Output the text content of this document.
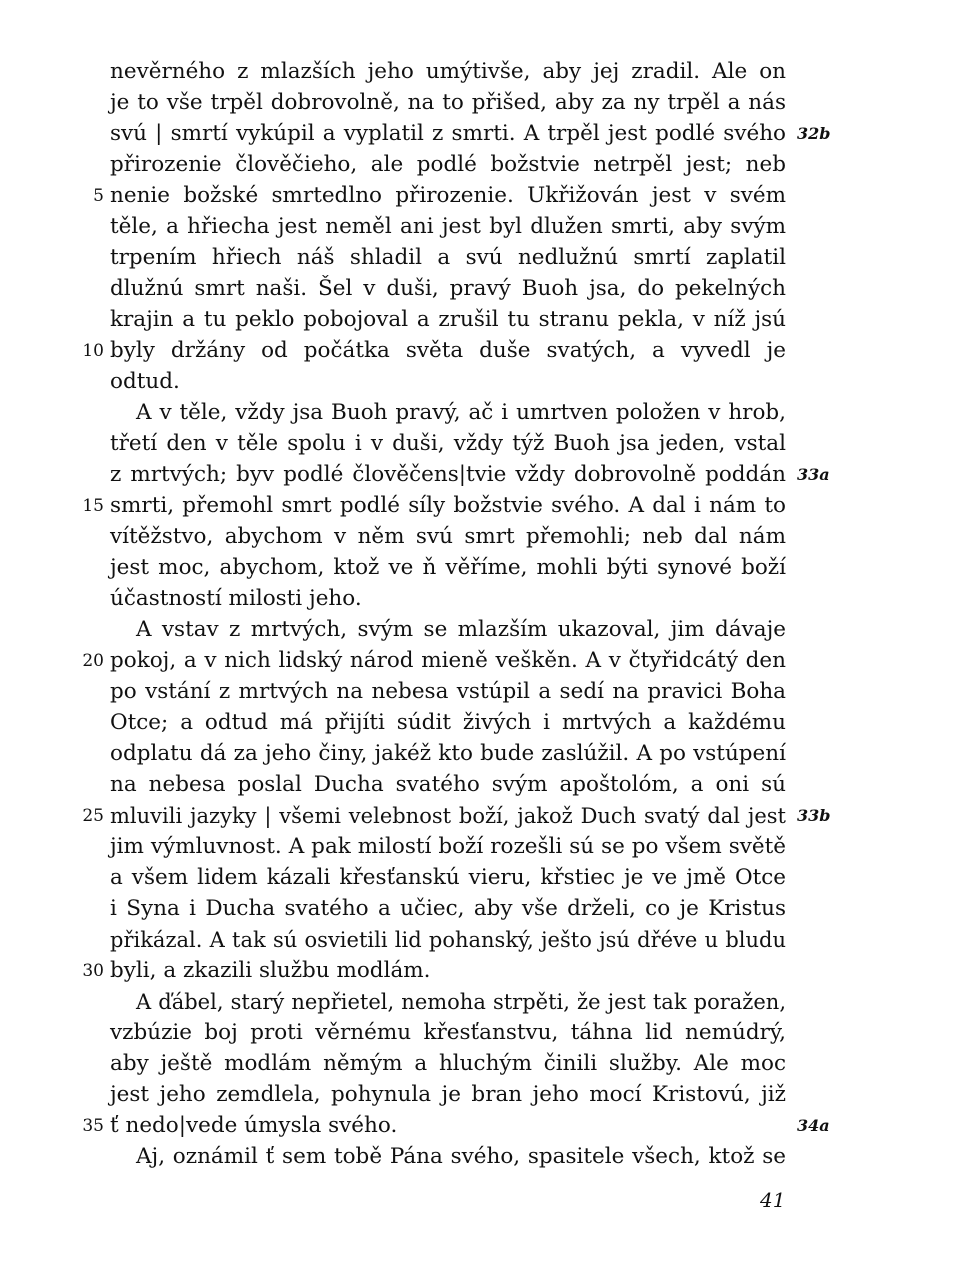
nevěrného z mlazších jeho umýtivše, aby jej zradil. Ale on
je to vše trpěl dobrovolně, na to přišed, aby za ny trpěl a nás
svú | smrtí vykúpil a vyplatil z smrti. A trpěl jest podlé svého
přirozenie člověčieho, ale podlé božstvie netrpěl jest; neb
nenie božské smrtedlno přirozenie. Ukřižován jest v svém
těle, a hřiecha jest neměl ani jest byl dlužen smrti, aby svým
trpením hřiech náš shladil a svú nedlužnú smrtí zaplatil
dlužnú smrt naši. Šel v duši, pravý Buoh jsa, do pekelných
krajin a tu peklo pobojoval a zrušil tu stranu pekla, v níž jsú
byly držány od počátka světa duše svatých, a vyvedl je
odtud.
A v těle, vždy jsa Buoh pravý, ač i umrtven položen v hrob,
třetí den v těle spolu i v duši, vždy týž Buoh jsa jeden, vstal
z mrtvých; byv podlé člověčens|tvie vždy dobrovolně poddán
smrti, přemohl smrt podlé síly božstvie svého. A dal i nám to
vítěžstvo, abychom v něm svú smrt přemohli; neb dal nám
jest moc, abychom, ktož ve ň věříme, mohli býti synové boží
účastností milosti jeho.
A vstav z mrtvých, svým se mlazším ukazoval, jim dávaje
pokoj, a v nich lidský národ mieně veškěn. A v čtyřidcátý den
po vstání z mrtvých na nebesa vstúpil a sedí na pravici Boha
Otce; a odtud má přijíti súdit živých i mrtvých a každému
odplatu dá za jeho činy, jakéž kto bude zaslúžil. A po vstúpení
na nebesa poslal Ducha svatého svým apoštolóm, a oni sú
mluvili jazyky | všemi velebnost boží, jakož Duch svatý dal jest
jim výmluvnost. A pak milostí boží rozešli sú se po všem světě
a všem lidem kázali křesťanskú vieru, křstiec je ve jmě Otce
i Syna i Ducha svatého a učiec, aby vše drželi, co je Kristus
přikázal. A tak sú osvietili lid pohanský, ješto jsú dřéve u bludu
byli, a zkazili službu modlám.
A ďábel, starý nepřietel, nemoha strpěti, že jest tak poražen,
vzbúzie boj proti věrnému křesťanstvu, táhna lid nemúdrý,
aby ještě modlám němým a hluchým činili služby. Ale moc
jest jeho zemdlela, pohynula je bran jeho mocí Kristovú, již
ť nedo|vede úmysla svého.
Aj, oznámil ť sem tobě Pána svého, spasitele všech, ktož se
5
10
15
20
25
30
35
32b
33a
33b
34a
41
